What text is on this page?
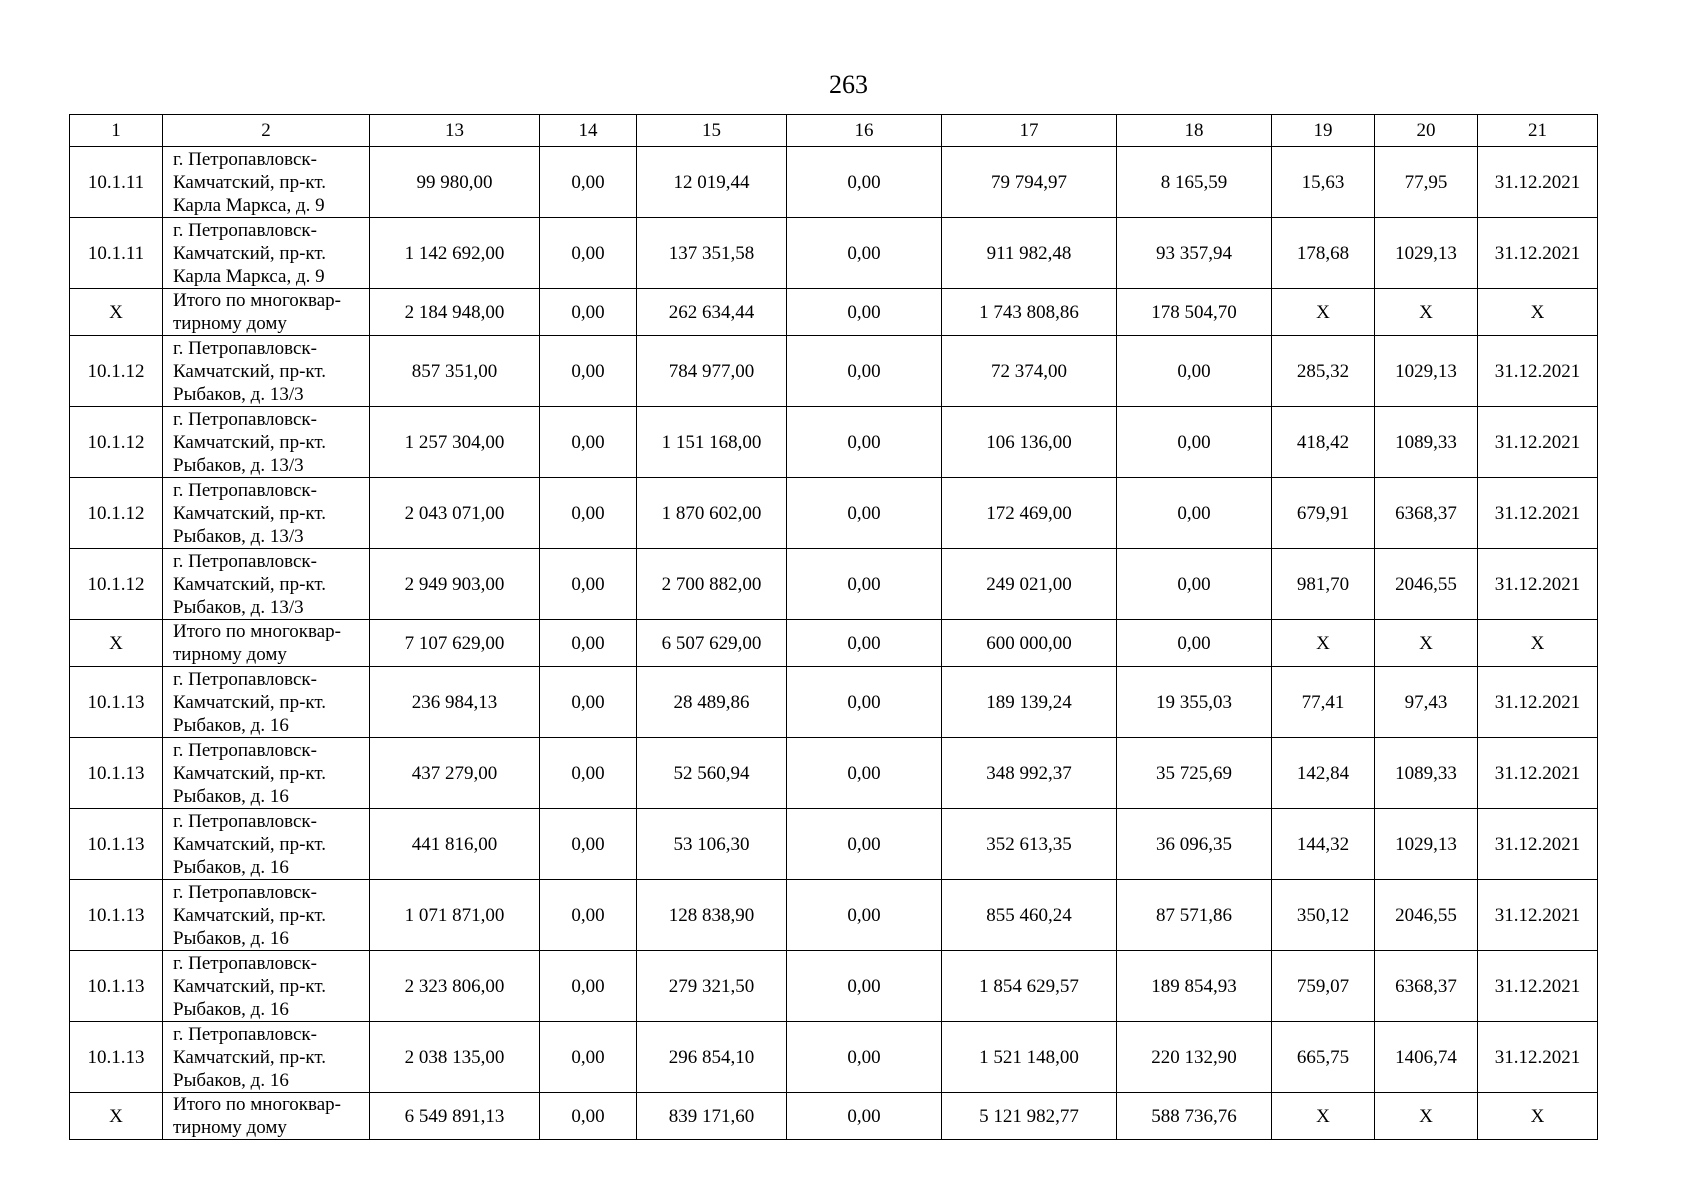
263
1	2	13	14	15	16	17	18	19	20	21
10.1.11	г. Петропавловск-
Камчатский, пр-кт.
Карла Маркса, д. 9	99 980,00	0,00	12 019,44	0,00	79 794,97	8 165,59	15,63	77,95	31.12.2021
10.1.11	г. Петропавловск-
Камчатский, пр-кт.
Карла Маркса, д. 9	1 142 692,00	0,00	137 351,58	0,00	911 982,48	93 357,94	178,68	1029,13	31.12.2021
X	Итого по многоквар-
тирному дому	2 184 948,00	0,00	262 634,44	0,00	1 743 808,86	178 504,70	X	X	X
10.1.12	г. Петропавловск-
Камчатский, пр-кт.
Рыбаков, д. 13/3	857 351,00	0,00	784 977,00	0,00	72 374,00	0,00	285,32	1029,13	31.12.2021
10.1.12	г. Петропавловск-
Камчатский, пр-кт.
Рыбаков, д. 13/3	1 257 304,00	0,00	1 151 168,00	0,00	106 136,00	0,00	418,42	1089,33	31.12.2021
10.1.12	г. Петропавловск-
Камчатский, пр-кт.
Рыбаков, д. 13/3	2 043 071,00	0,00	1 870 602,00	0,00	172 469,00	0,00	679,91	6368,37	31.12.2021
10.1.12	г. Петропавловск-
Камчатский, пр-кт.
Рыбаков, д. 13/3	2 949 903,00	0,00	2 700 882,00	0,00	249 021,00	0,00	981,70	2046,55	31.12.2021
X	Итого по многоквар-
тирному дому	7 107 629,00	0,00	6 507 629,00	0,00	600 000,00	0,00	X	X	X
10.1.13	г. Петропавловск-
Камчатский, пр-кт.
Рыбаков, д. 16	236 984,13	0,00	28 489,86	0,00	189 139,24	19 355,03	77,41	97,43	31.12.2021
10.1.13	г. Петропавловск-
Камчатский, пр-кт.
Рыбаков, д. 16	437 279,00	0,00	52 560,94	0,00	348 992,37	35 725,69	142,84	1089,33	31.12.2021
10.1.13	г. Петропавловск-
Камчатский, пр-кт.
Рыбаков, д. 16	441 816,00	0,00	53 106,30	0,00	352 613,35	36 096,35	144,32	1029,13	31.12.2021
10.1.13	г. Петропавловск-
Камчатский, пр-кт.
Рыбаков, д. 16	1 071 871,00	0,00	128 838,90	0,00	855 460,24	87 571,86	350,12	2046,55	31.12.2021
10.1.13	г. Петропавловск-
Камчатский, пр-кт.
Рыбаков, д. 16	2 323 806,00	0,00	279 321,50	0,00	1 854 629,57	189 854,93	759,07	6368,37	31.12.2021
10.1.13	г. Петропавловск-
Камчатский, пр-кт.
Рыбаков, д. 16	2 038 135,00	0,00	296 854,10	0,00	1 521 148,00	220 132,90	665,75	1406,74	31.12.2021
X	Итого по многоквар-
тирному дому	6 549 891,13	0,00	839 171,60	0,00	5 121 982,77	588 736,76	X	X	X
